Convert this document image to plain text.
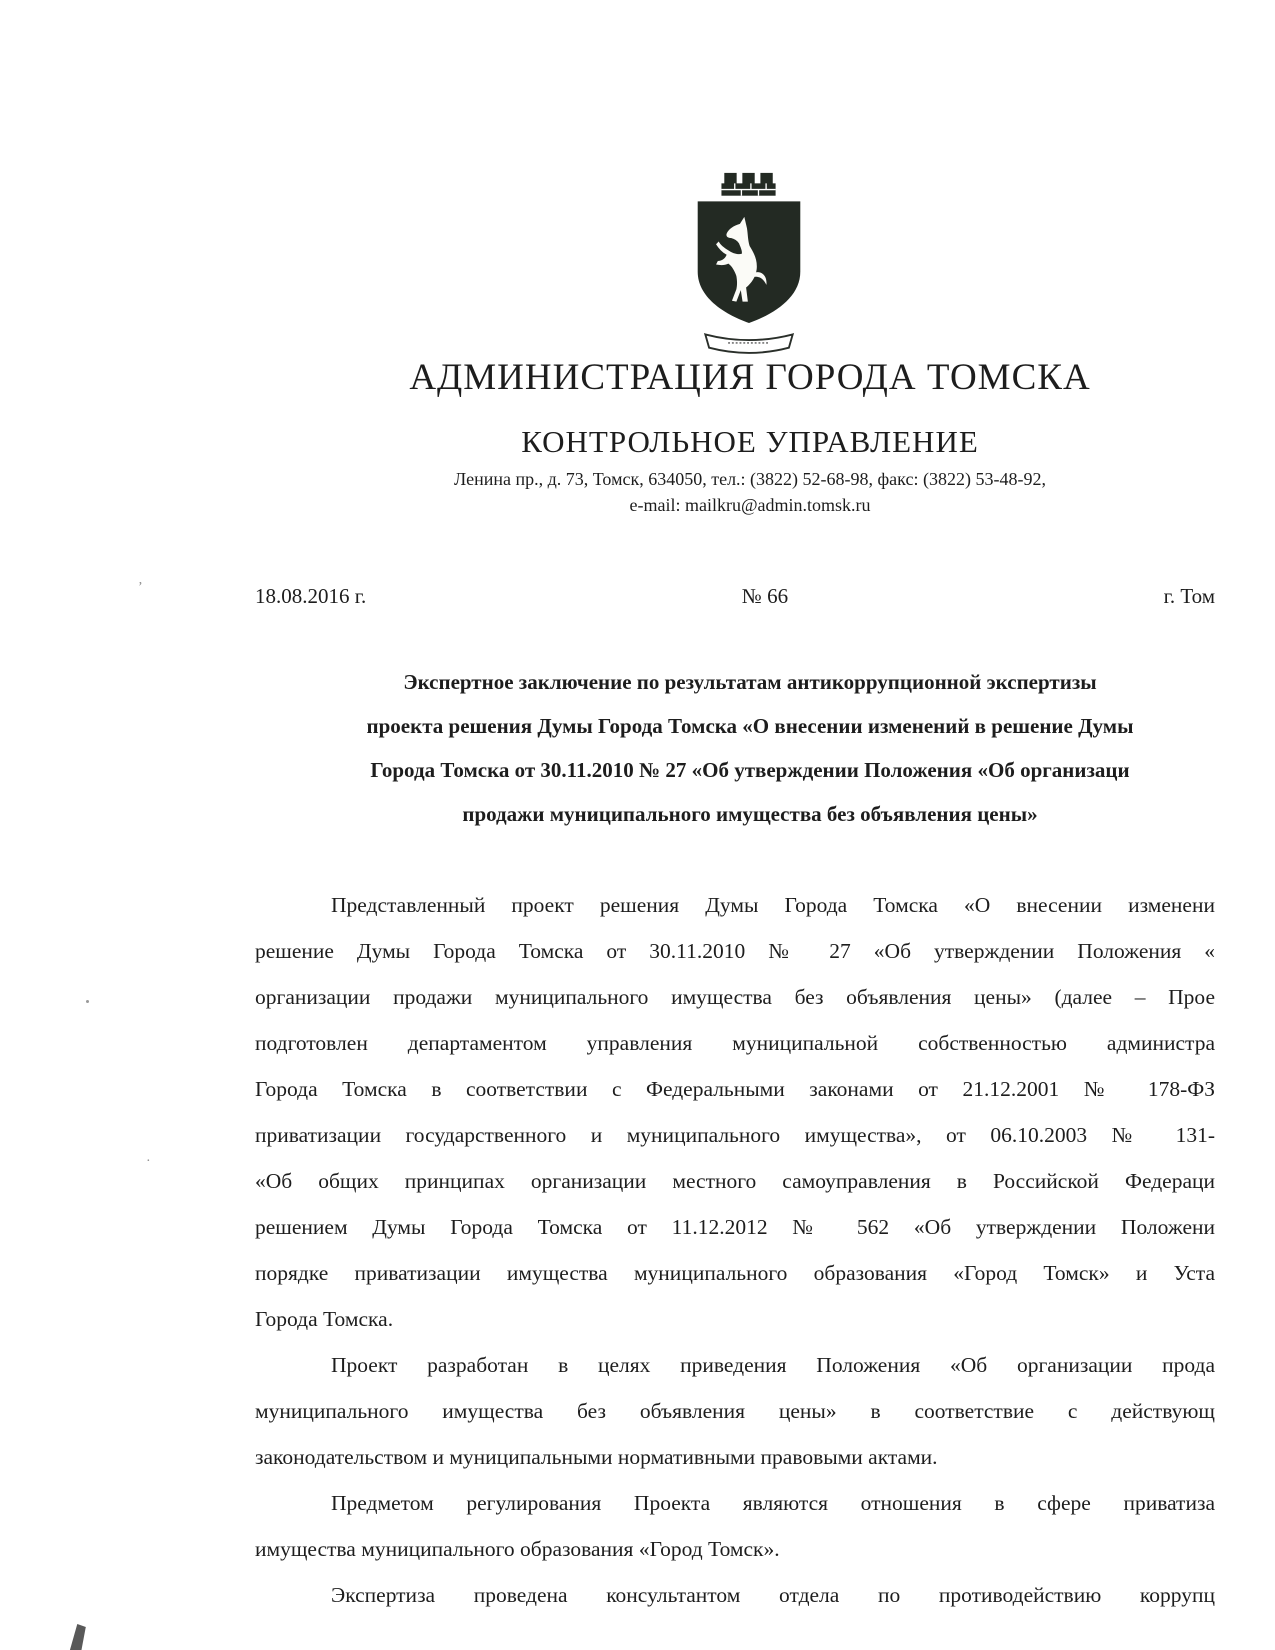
АДМИНИСТРАЦИЯ ГОРОДА ТОМСКА
КОНТРОЛЬНОЕ УПРАВЛЕНИЕ
Ленина пр., д. 73, Томск, 634050, тел.: (3822) 52-68-98, факс: (3822) 53-48-92,
e-mail: mailkru@admin.tomsk.ru
18.08.2016 г.	№ 66	г. Том
Экспертное заключение по результатам антикоррупционной экспертизы
проекта решения Думы Города Томска «О внесении изменений в решение Думы
Города Томска от 30.11.2010 № 27 «Об утверждении Положения «Об организаци
продажи муниципального имущества без объявления цены»
Представленный проект решения Думы Города Томска «О внесении изменени
решение Думы Города Томска от 30.11.2010 № 27 «Об утверждении Положения «
организации продажи муниципального имущества без объявления цены» (далее – Прое
подготовлен департаментом управления муниципальной собственностью администра
Города Томска в соответствии с Федеральными законами от 21.12.2001 № 178-ФЗ
приватизации государственного и муниципального имущества», от 06.10.2003 № 131-
«Об общих принципах организации местного самоуправления в Российской Федераци
решением Думы Города Томска от 11.12.2012 № 562 «Об утверждении Положени
порядке приватизации имущества муниципального образования «Город Томск» и Уста
Города Томска.
Проект разработан в целях приведения Положения «Об организации прода
муниципального имущества без объявления цены» в соответствие с действующ
законодательством и муниципальными нормативными правовыми актами.
Предметом регулирования Проекта являются отношения в сфере приватиза
имущества муниципального образования «Город Томск».
Экспертиза проведена консультантом отдела по противодействию коррупц
’
·
